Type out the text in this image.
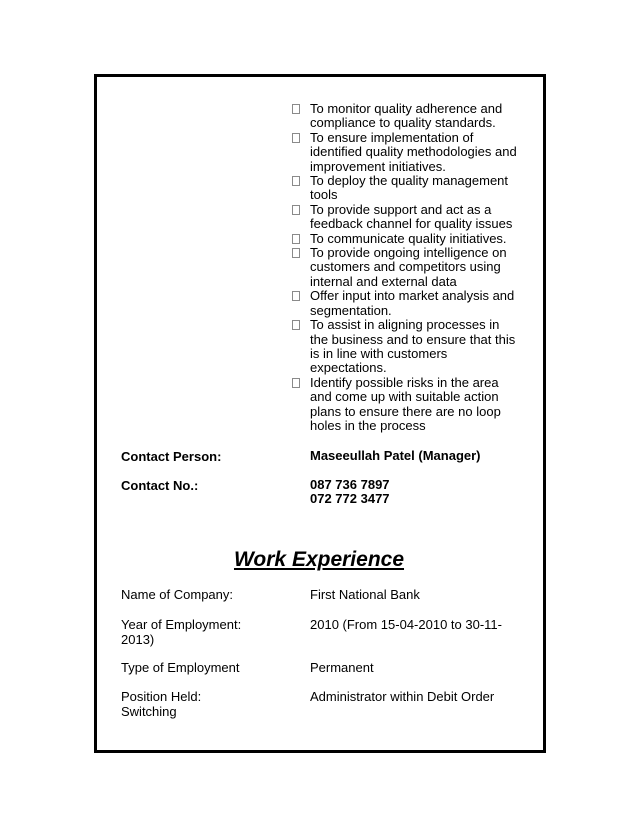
To monitor quality adherence and compliance to quality standards.
To ensure implementation of identified quality methodologies and improvement initiatives.
To deploy the quality management tools
To provide support and act as a feedback channel for quality issues
To communicate quality initiatives.
To provide ongoing intelligence on customers and competitors using internal and external data
Offer input into market analysis and segmentation.
To assist in aligning processes in the business and to ensure that this is in line with customers expectations.
Identify possible risks in the area and come up with suitable action plans to ensure there are no loop holes in the process
Contact Person:	Maseeullah Patel (Manager)
Contact No.:	087 736 7897
072 772 3477
Work Experience
Name of Company:	First National Bank
Year of Employment:	2010 (From 15-04-2010 to 30-11-
2013)
Type of Employment	Permanent
Position Held:	Administrator within Debit Order
Switching
